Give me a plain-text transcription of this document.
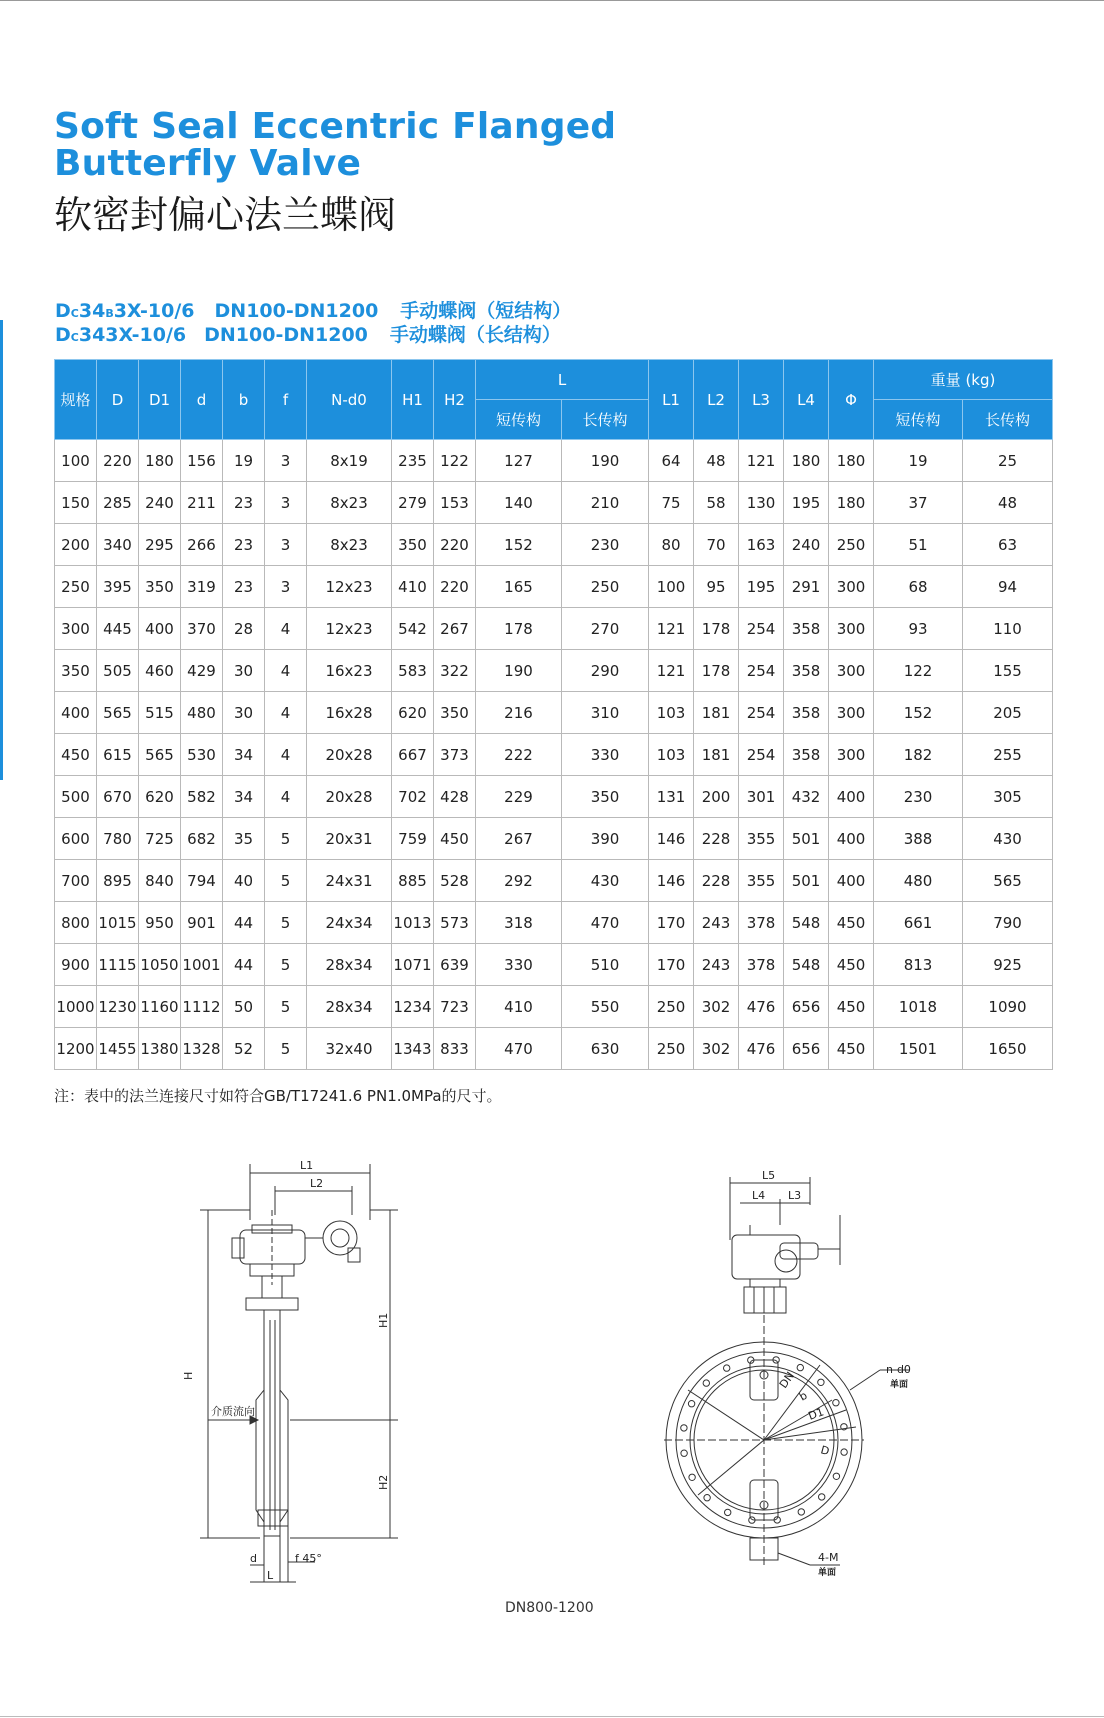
Soft Seal Eccentric Flanged
Butterfly Valve
软密封偏心法兰蝶阀
DC34B3X-10/6 DN100-DN1200 手动蝶阀（短结构）
DC343X-10/6 DN100-DN1200 手动蝶阀（长结构）
规格	D	D1	d	b	f	N-d0	H1	H2	L		L1	L2	L3	L4	Φ	重量 (kg)	
									短传构	长传构						短传构	长传构
100	220	180	156	19	3	8x19	235	122	127	190	64	48	121	180	180	19	25
150	285	240	211	23	3	8x23	279	153	140	210	75	58	130	195	180	37	48
200	340	295	266	23	3	8x23	350	220	152	230	80	70	163	240	250	51	63
250	395	350	319	23	3	12x23	410	220	165	250	100	95	195	291	300	68	94
300	445	400	370	28	4	12x23	542	267	178	270	121	178	254	358	300	93	110
350	505	460	429	30	4	16x23	583	322	190	290	121	178	254	358	300	122	155
400	565	515	480	30	4	16x28	620	350	216	310	103	181	254	358	300	152	205
450	615	565	530	34	4	20x28	667	373	222	330	103	181	254	358	300	182	255
500	670	620	582	34	4	20x28	702	428	229	350	131	200	301	432	400	230	305
600	780	725	682	35	5	20x31	759	450	267	390	146	228	355	501	400	388	430
700	895	840	794	40	5	24x31	885	528	292	430	146	228	355	501	400	480	565
800	1015	950	901	44	5	24x34	1013	573	318	470	170	243	378	548	450	661	790
900	1115	1050	1001	44	5	28x34	1071	639	330	510	170	243	378	548	450	813	925
1000	1230	1160	1112	50	5	28x34	1234	723	410	550	250	302	476	656	450	1018	1090
1200	1455	1380	1328	52	5	32x40	1343	833	470	630	250	302	476	656	450	1501	1650
注：表中的法兰连接尺寸如符合GB/T17241.6 PN1.0MPa的尺寸。
L1
L2
H
H1
H2
介质流向
d	f 45°
L
L5
L3
L4
DN
b
D1
D
n-d0
单面
4-M
单面
DN800-1200
